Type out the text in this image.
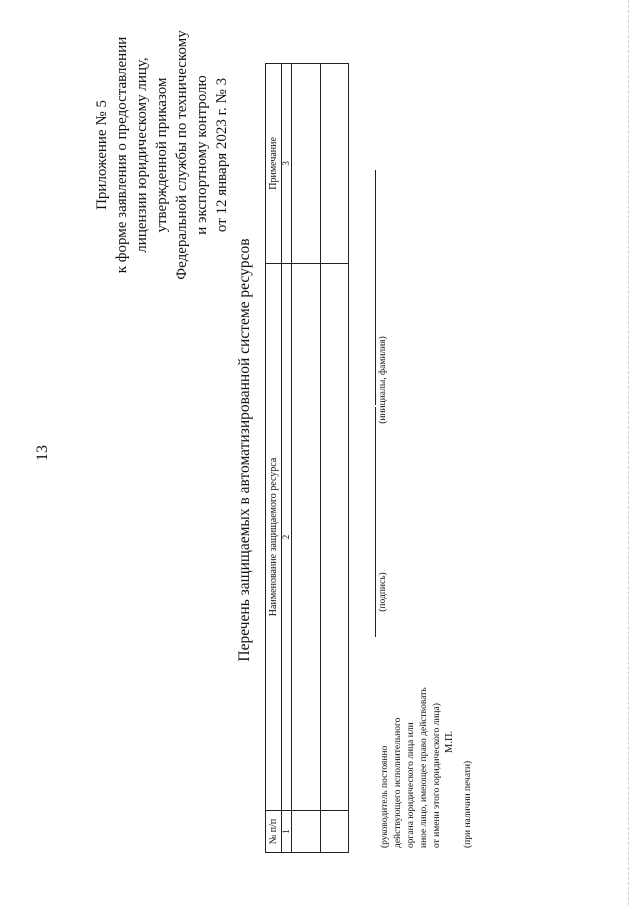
13
Приложение № 5 к форме заявления о предоставлении лицензии юридическому лицу, утвержденной приказом Федеральной службы по техническому и экспортному контролю от 12 января 2023 г. № 3
Перечень защищаемых в автоматизированной системе ресурсов
№ п/п	Наименование защищаемого ресурса	Примечание
1	2	3

(руководитель постоянно действующего исполнительного органа юридического лица или иное лицо, имеющее право действовать от имени этого юридического лица) М.П.
(при наличии печати)
(подпись)
(инициалы, фамилия)
